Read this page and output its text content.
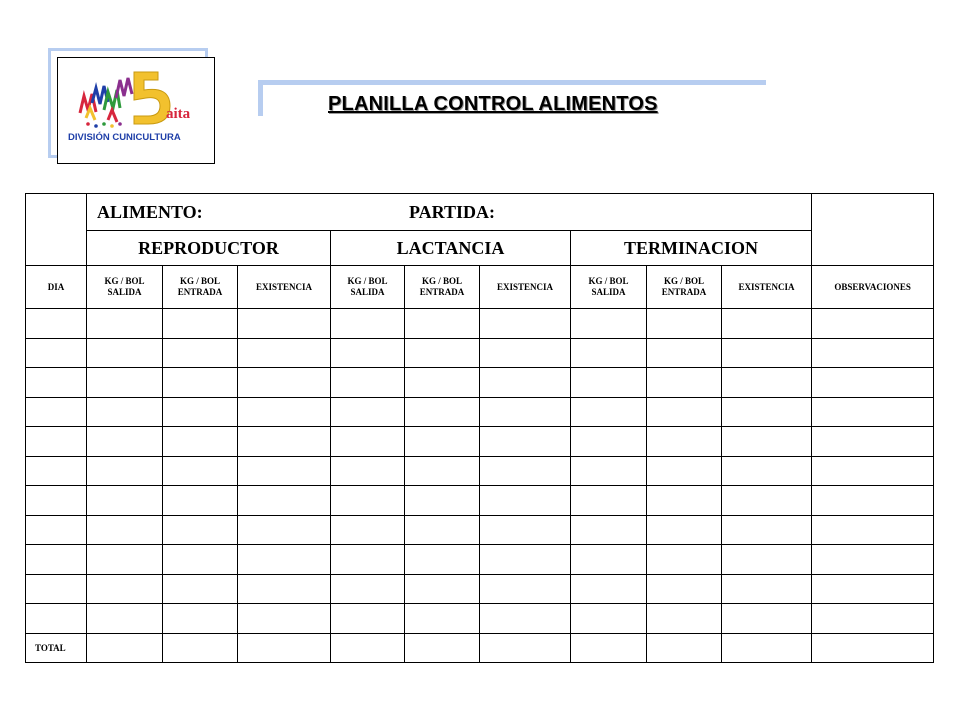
aita
DIVISIÓN CUNICULTURA
PLANILLA CONTROL ALIMENTOS
	ALIMENTO: PARTIDA:									
	REPRODUCTOR			LACTANCIA			TERMINACION			
DIA	KG / BOL SALIDA	KG / BOL ENTRADA	EXISTENCIA	KG / BOL SALIDA	KG / BOL ENTRADA	EXISTENCIA	KG / BOL SALIDA	KG / BOL ENTRADA	EXISTENCIA	OBSERVACIONES

TOTAL										
